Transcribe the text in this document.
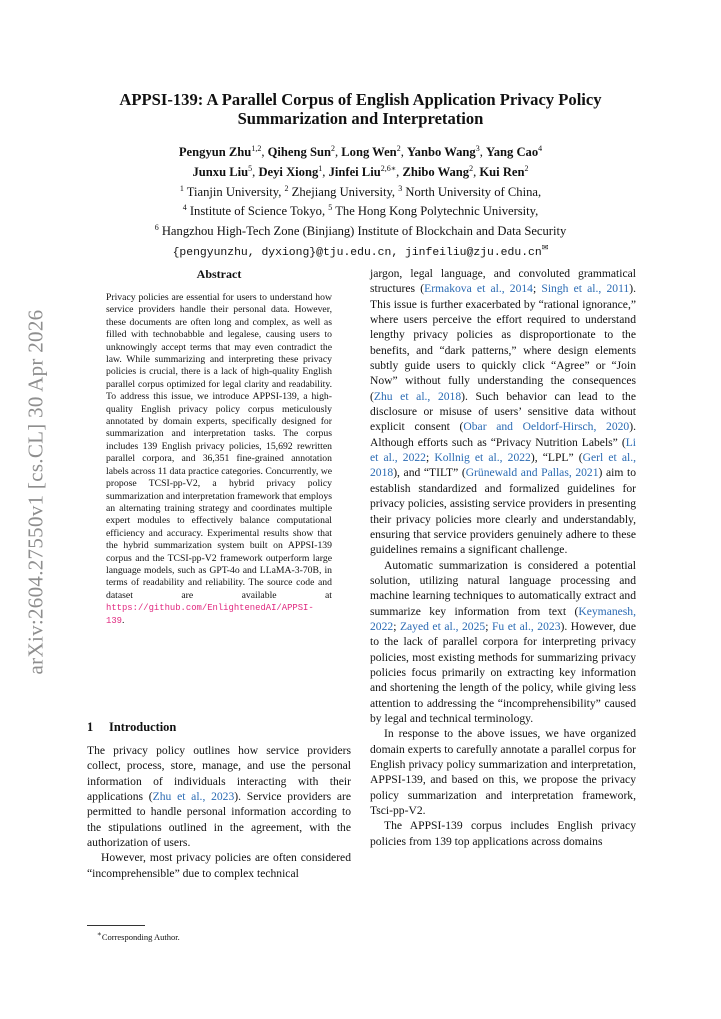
arXiv:2604.27550v1 [cs.CL] 30 Apr 2026
APPSI-139: A Parallel Corpus of English Application Privacy Policy Summarization and Interpretation
Pengyun Zhu$^{1,2}$, Qiheng Sun$^2$, Long Wen$^2$, Yanbo Wang$^3$, Yang Cao$^4$
Junxu Liu$^5$, Deyi Xiong$^1$, Jinfei Liu$^{2,6∗}$, Zhibo Wang$^2$, Kui Ren$^2$
$^1$ Tianjin University, $^2$ Zhejiang University, $^3$ North University of China,
$^4$ Institute of Science Tokyo, $^5$ The Hong Kong Polytechnic University,
$^6$ Hangzhou High-Tech Zone (Binjiang) Institute of Blockchain and Data Security
{pengyunzhu, dyxiong}@tju.edu.cn, jinfeiliu@zju.edu.cn✉
Abstract
Privacy policies are essential for users to understand how service providers handle their personal data. However, these documents are often long and complex, as well as filled with technobabble and legalese, causing users to unknowingly accept terms that may even contradict the law. While summarizing and interpreting these privacy policies is crucial, there is a lack of high-quality English parallel corpus optimized for legal clarity and readability. To address this issue, we introduce APPSI-139, a high-quality English privacy policy corpus meticulously annotated by domain experts, specifically designed for summarization and interpretation tasks. The corpus includes 139 English privacy policies, 15,692 rewritten parallel corpora, and 36,351 fine-grained annotation labels across 11 data practice categories. Concurrently, we propose TCSI-pp-V2, a hybrid privacy policy summarization and interpretation framework that employs an alternating training strategy and coordinates multiple expert modules to effectively balance computational efficiency and accuracy. Experimental results show that the hybrid summarization system built on APPSI-139 corpus and the TCSI-pp-V2 framework outperform large language models, such as GPT-4o and LLaMA-3-70B, in terms of readability and reliability. The source code and dataset are available at https://github.com/EnlightenedAI/APPSI-139.
1 Introduction

The privacy policy outlines how service providers collect, process, store, manage, and use the personal information of individuals interacting with their applications (Zhu et al., 2023). Service providers are permitted to handle personal information according to the stipulations outlined in the agreement, with the authorization of users.

However, most privacy policies are often considered “incomprehensible” due to complex technical

jargon, legal language, and convoluted grammatical structures (Ermakova et al., 2014; Singh et al., 2011). This issue is further exacerbated by “rational ignorance,” where users perceive the effort required to understand lengthy privacy policies as disproportionate to the benefits, and “dark patterns,” where design elements subtly guide users to quickly click “Agree” or “Join Now” without fully understanding the consequences (Zhu et al., 2018). Such behavior can lead to the disclosure or misuse of users’ sensitive data without explicit consent (Obar and Oeldorf-Hirsch, 2020). Although efforts such as “Privacy Nutrition Labels” (Li et al., 2022; Kollnig et al., 2022), “LPL” (Gerl et al., 2018), and “TILT” (Grünewald and Pallas, 2021) aim to establish standardized and formalized guidelines for privacy policies, assisting service providers in presenting their privacy policies more clearly and understandably, ensuring that service providers genuinely adhere to these guidelines remains a significant challenge.

Automatic summarization is considered a potential solution, utilizing natural language processing and machine learning techniques to automatically extract and summarize key information from text (Keymanesh, 2022; Zayed et al., 2025; Fu et al., 2023). However, due to the lack of parallel corpora for interpreting privacy policies, most existing methods for summarizing privacy policies focus primarily on extracting key information and shortening the length of the policy, while giving less attention to addressing the “incomprehensibility” caused by legal and technical terminology.

In response to the above issues, we have organized domain experts to carefully annotate a parallel corpus for English privacy policy summarization and interpretation, APPSI-139, and based on this, we propose the privacy policy summarization and interpretation framework, Tsci-pp-V2.

The APPSI-139 corpus includes English privacy policies from 139 top applications across domains

∗Corresponding Author.
